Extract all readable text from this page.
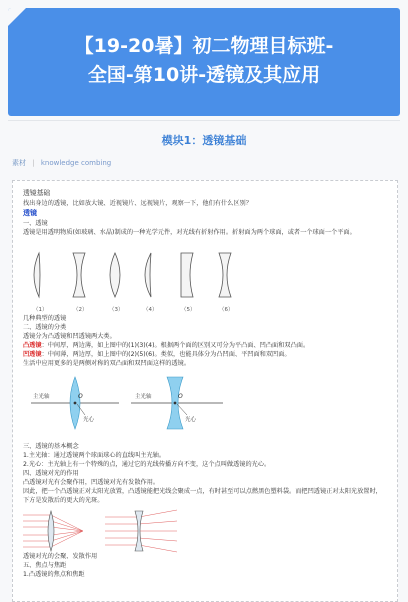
【19-20暑】初二物理目标班-
全国-第10讲-透镜及其应用
模块1：透镜基础
素材 | knowledge combing
透镜基础
找出身边的透镜，比如放大镜、近视镜片、远视镜片，观察一下，他们有什么区别？
透镜
一、透镜
透镜是用透明物质(如玻璃、水晶)制成的一种光学元件，对光线有折射作用。折射面为两个球面，或者一个球面一个平面。
（1）	（2）	（3）	（4）	（5）	（6）
几种典型的透镜
二、透镜的分类
透镜分为凸透镜和凹透镜两大类。
凸透镜：中间厚，两边薄，如上图中的(1)(3)(4)。根据两个面的区别又可分为平凸面、凹凸面和双凸面。
凹透镜：中间薄，两边厚，如上图中的(2)(5)(6)。类似，也能具体分为凸凹面、平凹面和双凹面。
生活中应用更多的是两侧对称的双凸面和双凹面这样的透镜。
主光轴	O
光心
主光轴	O
光心
三、透镜的基本概念
1.主光轴：通过透镜两个球面球心的直线叫主光轴。
2.光心：主光轴上有一个特殊的点，通过它的光线传播方向不变，这个点叫做透镜的光心。
四、透镜对光的作用
凸透镜对光有会聚作用，凹透镜对光有发散作用。
因此，把一个凸透镜正对太阳光放置，凸透镜能把光线会聚成一点，有时甚至可以点燃黑色塑料袋。而把凹透镜正对太阳光放置时，下方是发散后的更大的光斑。
透镜对光的会聚、发散作用
五、焦点与焦距
1.凸透镜的焦点和焦距
